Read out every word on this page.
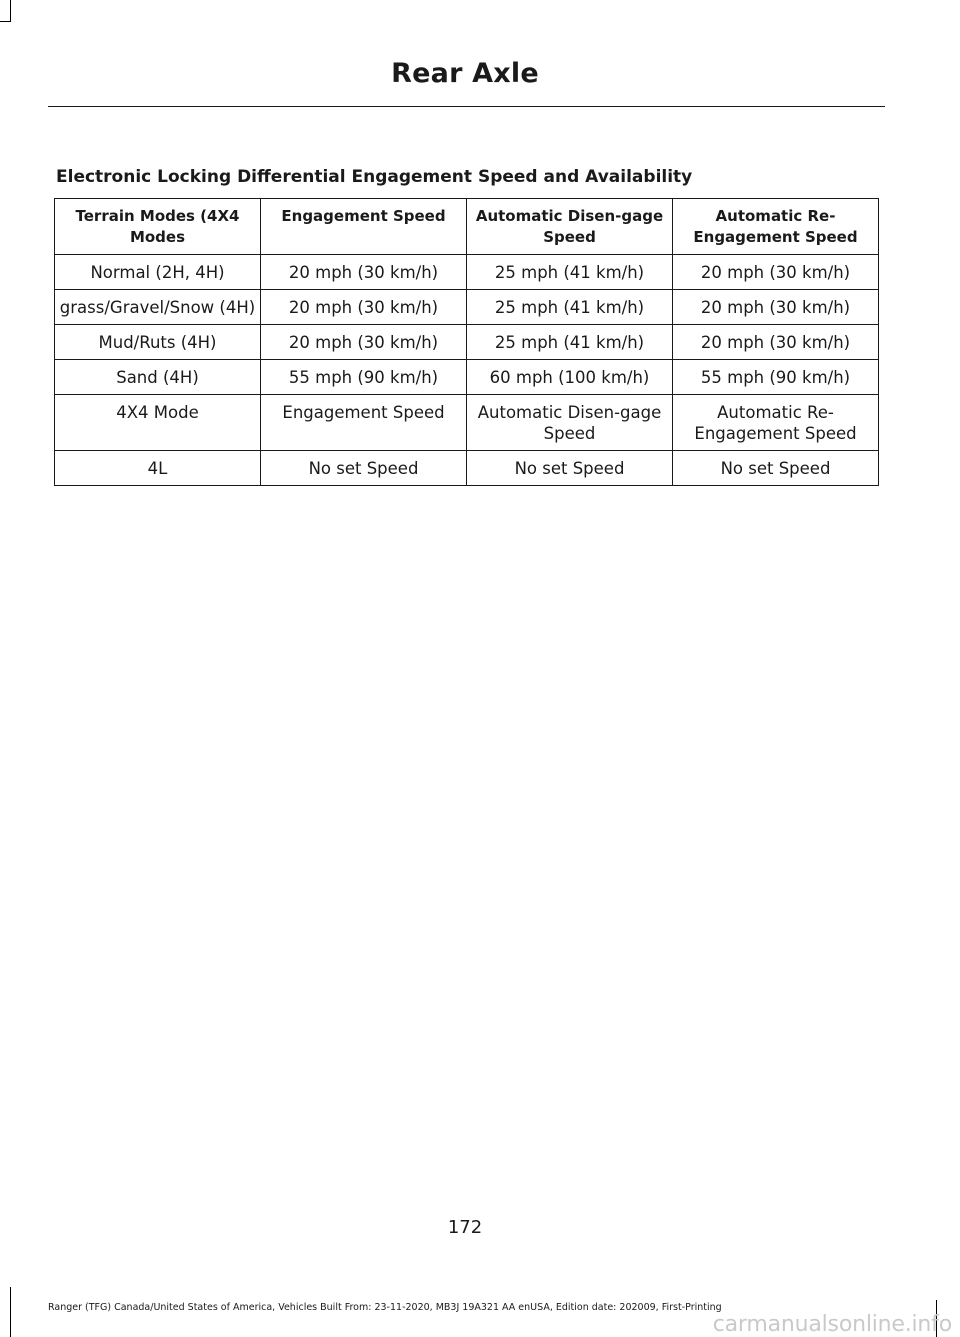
Rear Axle
Electronic Locking Differential Engagement Speed and Availability
Terrain Modes (4X4 Modes	Engagement Speed	Automatic Disen-gage Speed	Automatic Re-Engagement Speed
Normal (2H, 4H)	20 mph (30 km/h)	25 mph (41 km/h)	20 mph (30 km/h)
grass/Gravel/Snow (4H)	20 mph (30 km/h)	25 mph (41 km/h)	20 mph (30 km/h)
Mud/Ruts (4H)	20 mph (30 km/h)	25 mph (41 km/h)	20 mph (30 km/h)
Sand (4H)	55 mph (90 km/h)	60 mph (100 km/h)	55 mph (90 km/h)
4X4 Mode	Engagement Speed	Automatic Disen-gage Speed	Automatic Re-Engagement Speed
4L	No set Speed	No set Speed	No set Speed
172
Ranger (TFG) Canada/United States of America, Vehicles Built From: 23-11-2020, MB3J 19A321 AA enUSA, Edition date: 202009, First-Printing
carmanualsonline.info
